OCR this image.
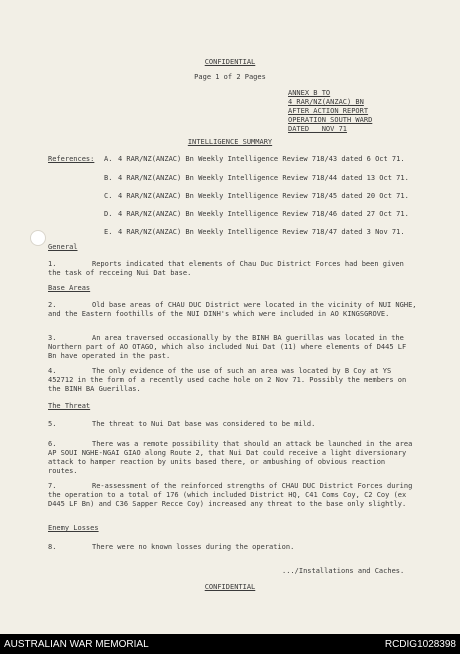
CONFIDENTIAL
Page 1 of 2 Pages
ANNEX B TO
4 RAR/NZ(ANZAC) BN
AFTER ACTION REPORT
OPERATION SOUTH WARD
DATED _ NOV 71
INTELLIGENCE SUMMARY
References: A. 4 RAR/NZ(ANZAC) Bn Weekly Intelligence Review 718/43 dated 6 Oct 71.
B. 4 RAR/NZ(ANZAC) Bn Weekly Intelligence Review 718/44 dated 13 Oct 71.
C. 4 RAR/NZ(ANZAC) Bn Weekly Intelligence Review 718/45 dated 20 Oct 71.
D. 4 RAR/NZ(ANZAC) Bn Weekly Intelligence Review 718/46 dated 27 Oct 71.
E. 4 RAR/NZ(ANZAC) Bn Weekly Intelligence Review 718/47 dated 3 Nov 71.
General
1.	Reports indicated that elements of Chau Duc District Forces had been given the task of recceing Nui Dat base.
Base Areas
2.	Old base areas of CHAU DUC District were located in the vicinity of NUI NGHE, and the Eastern foothills of the NUI DINH's which were included in AO KINGSGROVE.
3.	An area traversed occasionally by the BINH BA guerillas was located in the Northern part of AO OTAGO, which also included Nui Dat (11) where elements of D445 LF Bn have operated in the past.
4.	The only evidence of the use of such an area was located by B Coy at YS 452712 in the form of a recently used cache hole on 2 Nov 71. Possibly the members on the BINH BA Guerillas.
The Threat
5.	The threat to Nui Dat base was considered to be mild.
6.	There was a remote possibility that should an attack be launched in the area AP SOUI NGHE-NGAI GIAO along Route 2, that Nui Dat could receive a light diversionary attack to hamper reaction by units based there, or ambushing of obvious reaction routes.
7.	Re-assessment of the reinforced strengths of CHAU DUC District Forces during the operation to a total of 176 (which included District HQ, C41 Coms Coy, C2 Coy (ex D445 LF Bn) and C36 Sapper Recce Coy) increased any threat to the base only slightly.
Enemy Losses
8.	There were no known losses during the operation.
.../Installations and Caches.
CONFIDENTIAL
AUSTRALIAN WAR MEMORIAL	RCDIG1028398
